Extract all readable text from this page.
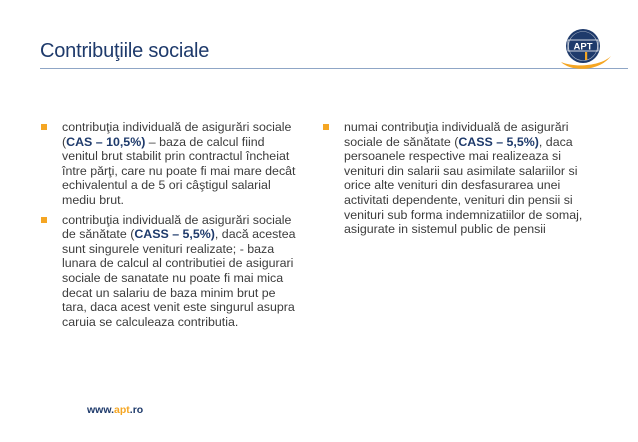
Contribuţiile sociale	APT

contribuţia individuală de asigurări sociale (CAS – 10,5%) – baza de calcul fiind venitul brut stabilit prin contractul încheiat între părţi, care nu poate fi mai mare decât echivalentul a de 5 ori câştigul salarial mediu brut.

contribuţia individuală de asigurări sociale de sănătate (CASS – 5,5%), dacă acestea sunt singurele venituri realizate; - baza lunara de calcul al contributiei de asigurari sociale de sanatate nu poate fi mai mica decat un salariu de baza minim brut pe tara, daca acest venit este singurul asupra caruia se calculeaza contributia.

numai contribuţia individuală de asigurări sociale de sănătate (CASS – 5,5%), daca persoanele respective mai realizeaza si venituri din salarii sau asimilate salariilor si orice alte venituri din desfasurarea unei activitati dependente, venituri din pensii si venituri sub forma indemnizatiilor de somaj, asigurate in sistemul public de pensii

www.apt.ro
